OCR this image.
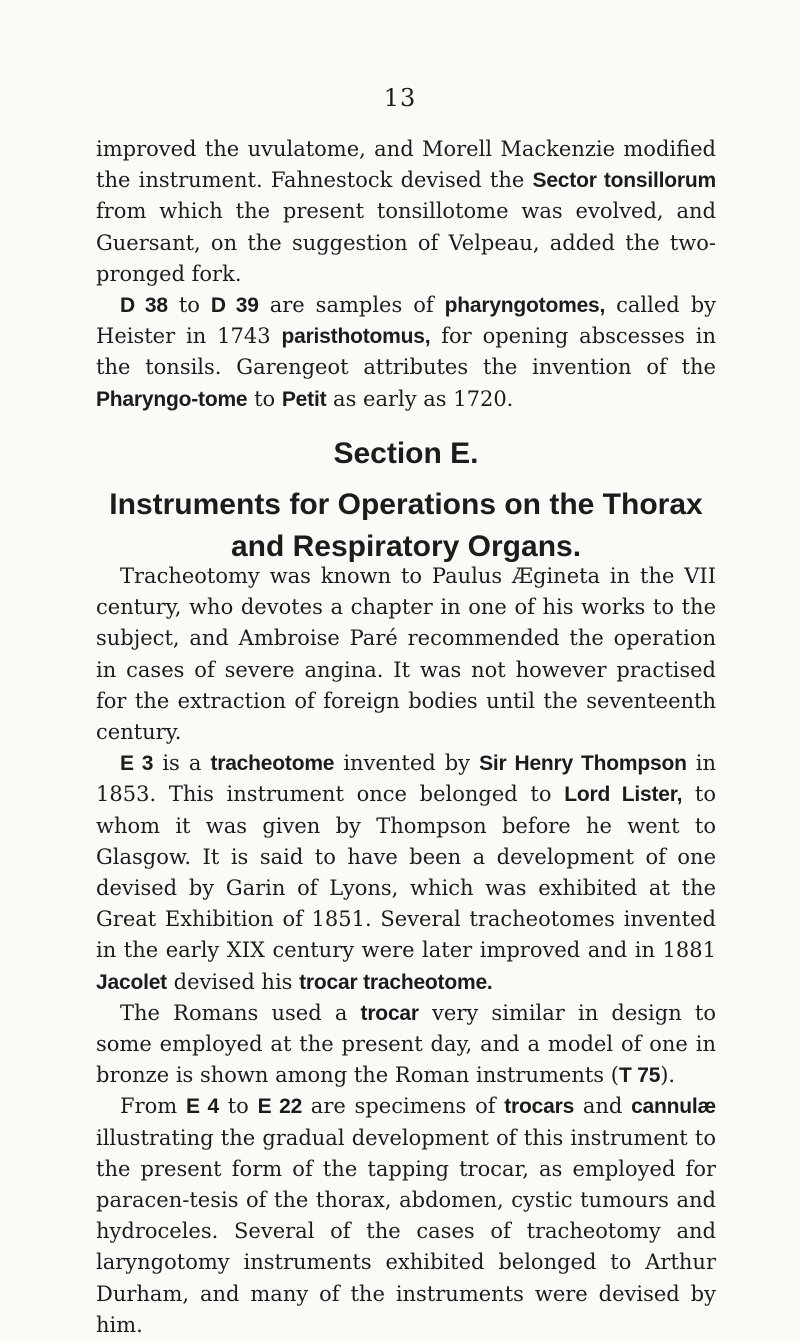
13

improved the uvulatome, and Morell Mackenzie modified the instrument. Fahnestock devised the Sector tonsillorum from which the present tonsillotome was evolved, and Guersant, on the suggestion of Velpeau, added the two-pronged fork.

D 38 to D 39 are samples of pharyngotomes, called by Heister in 1743 paristhotomus, for opening abscesses in the tonsils. Garengeot attributes the invention of the Pharyngo-tome to Petit as early as 1720.

Section E.
Instruments for Operations on the Thorax and Respiratory Organs.

Tracheotomy was known to Paulus Ægineta in the VII century, who devotes a chapter in one of his works to the subject, and Ambroise Paré recommended the operation in cases of severe angina. It was not however practised for the extraction of foreign bodies until the seventeenth century.

E 3 is a tracheotome invented by Sir Henry Thompson in 1853. This instrument once belonged to Lord Lister, to whom it was given by Thompson before he went to Glasgow. It is said to have been a development of one devised by Garin of Lyons, which was exhibited at the Great Exhibition of 1851. Several tracheotomes invented in the early XIX century were later improved and in 1881 Jacolet devised his trocar tracheotome.

The Romans used a trocar very similar in design to some employed at the present day, and a model of one in bronze is shown among the Roman instruments (T 75).

From E 4 to E 22 are specimens of trocars and cannulæ illustrating the gradual development of this instrument to the present form of the tapping trocar, as employed for paracen-tesis of the thorax, abdomen, cystic tumours and hydroceles. Several of the cases of tracheotomy and laryngotomy instruments exhibited belonged to Arthur Durham, and many of the instruments were devised by him.
